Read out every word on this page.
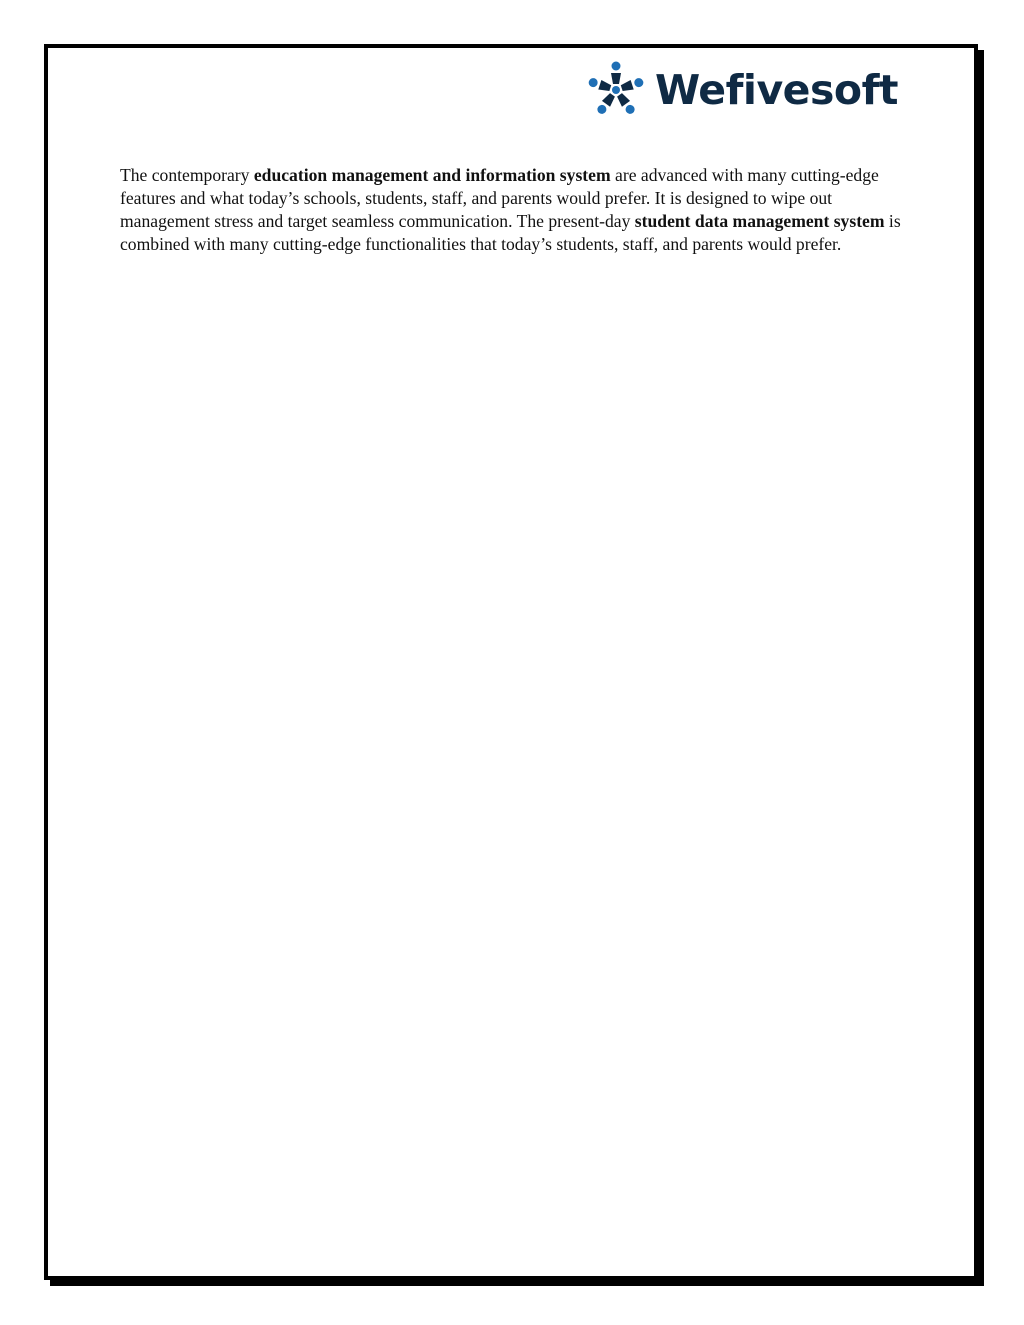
Wefivesoft

The contemporary education management and information system are advanced with many cutting-edge features and what today’s schools, students, staff, and parents would prefer. It is designed to wipe out management stress and target seamless communication. The present-day student data management system is combined with many cutting-edge functionalities that today’s students, staff, and parents would prefer.
